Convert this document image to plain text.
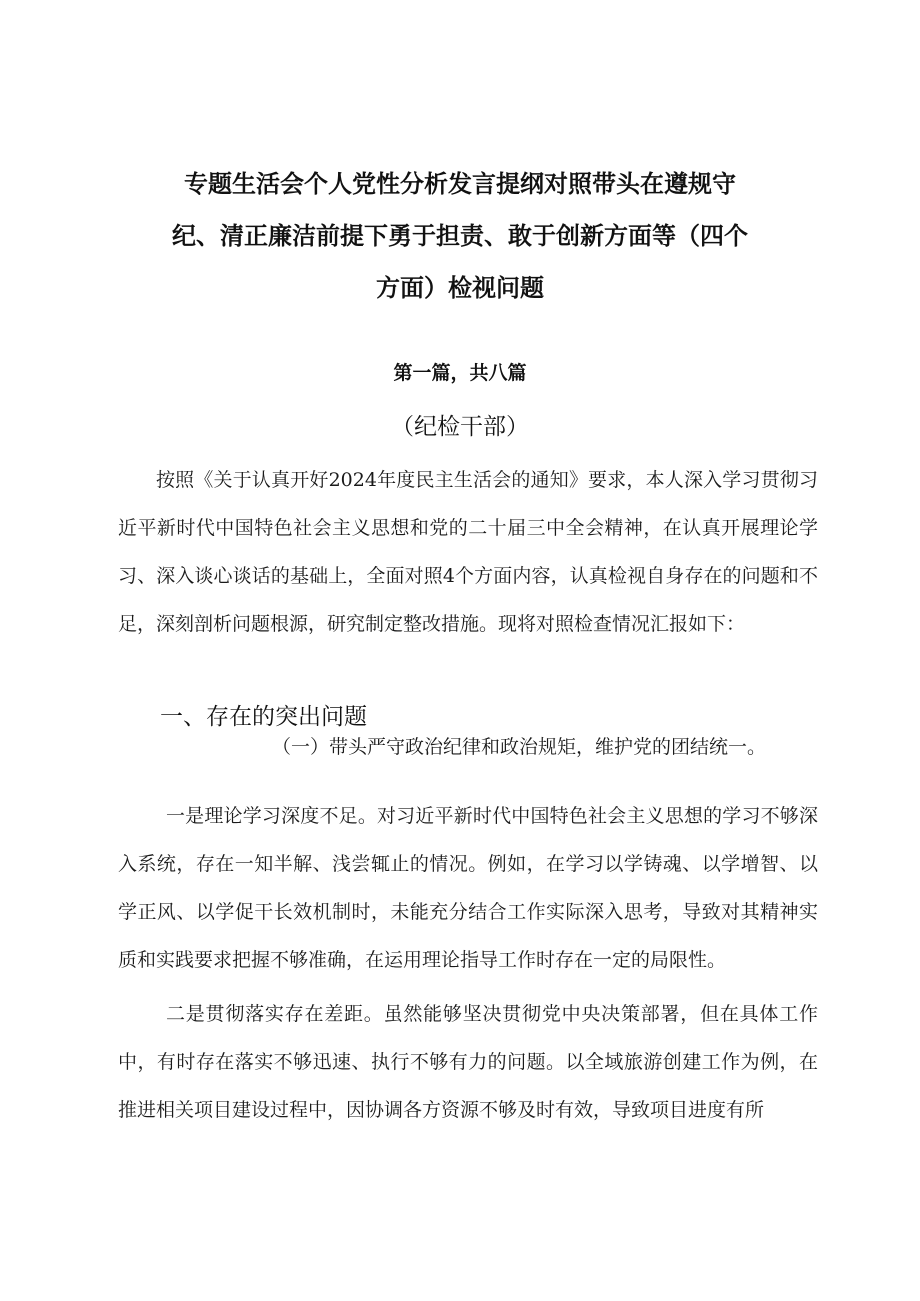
专题生活会个人党性分析发言提纲对照带头在遵规守
纪、清正廉洁前提下勇于担责、敢于创新方面等（四个
方面）检视问题
第一篇，共八篇
（纪检干部）

按照《关于认真开好2024年度民主生活会的通知》要求，本人深入学习贯彻习近平新时代中国特色社会主义思想和党的二十届三中全会精神，在认真开展理论学习、深入谈心谈话的基础上，全面对照4个方面内容，认真检视自身存在的问题和不足，深刻剖析问题根源，研究制定整改措施。现将对照检查情况汇报如下：

一、存在的突出问题
（一）带头严守政治纪律和政治规矩，维护党的团结统一。

一是理论学习深度不足。对习近平新时代中国特色社会主义思想的学习不够深入系统，存在一知半解、浅尝辄止的情况。例如，在学习以学铸魂、以学增智、以学正风、以学促干长效机制时，未能充分结合工作实际深入思考，导致对其精神实质和实践要求把握不够准确，在运用理论指导工作时存在一定的局限性。

二是贯彻落实存在差距。虽然能够坚决贯彻党中央决策部署，但在具体工作中，有时存在落实不够迅速、执行不够有力的问题。以全域旅游创建工作为例，在推进相关项目建设过程中，因协调各方资源不够及时有效，导致项目进度有所
